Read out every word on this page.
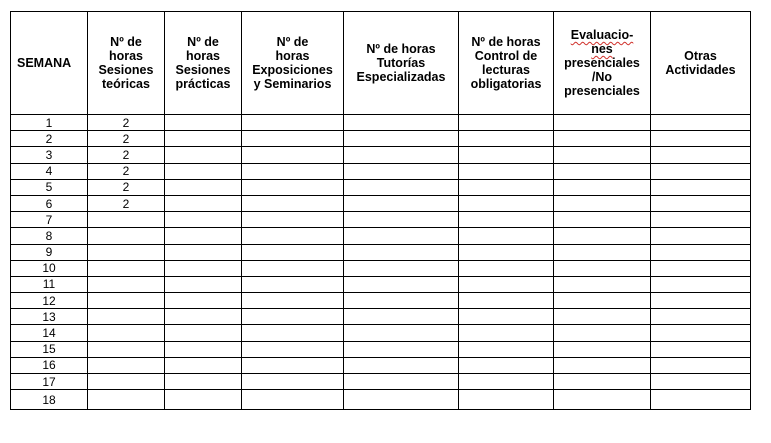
SEMANA	Nº de
horas
Sesiones
teóricas	Nº de
horas
Sesiones
prácticas	Nº de
horas
Exposiciones
y Seminarios	Nº de horas
Tutorías
Especializadas	Nº de horas
Control de
lecturas
obligatorias	Evaluacio-
nes
presenciales
/No
presenciales	Otras
Actividades
1	2						
2	2						
3	2						
4	2						
5	2						
6	2						
7							
8							
9							
10							
11							
12							
13							
14							
15							
16							
17							
18							
